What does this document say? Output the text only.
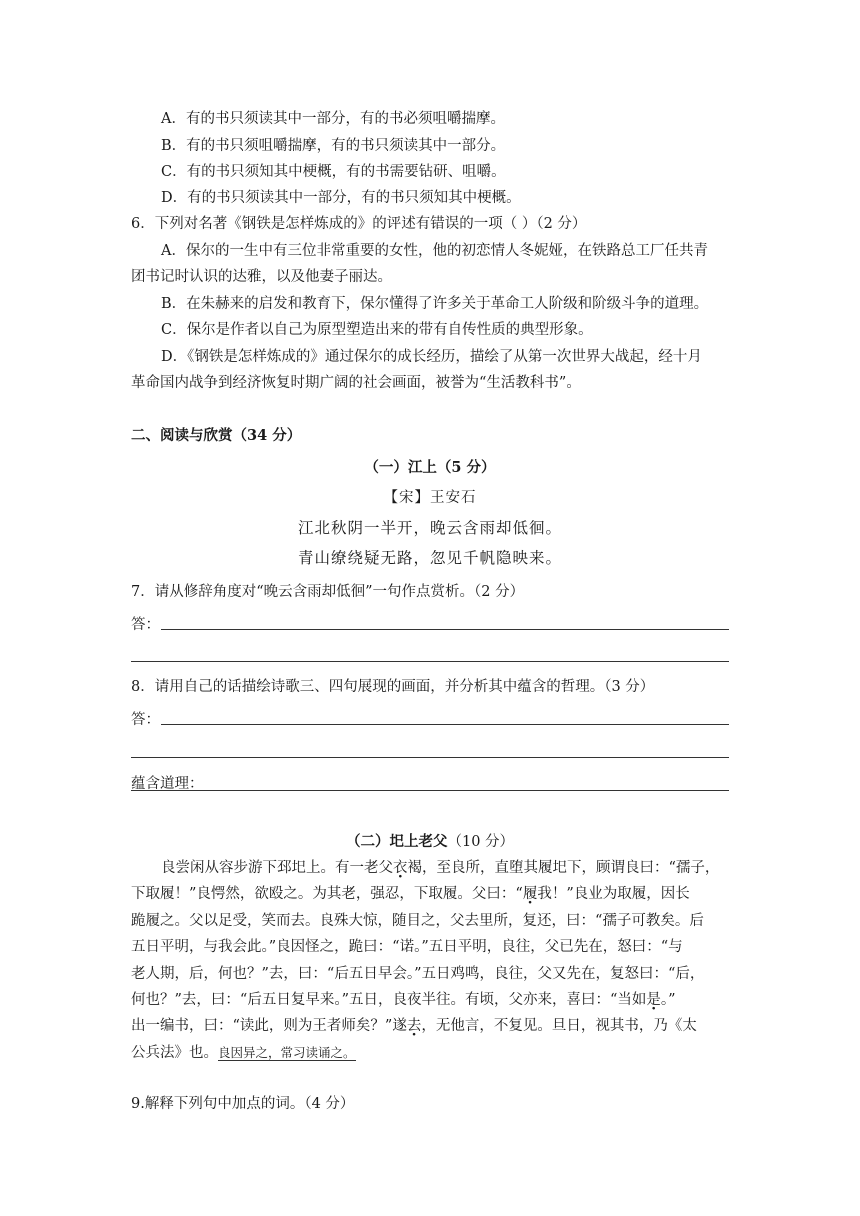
A．有的书只须读其中一部分，有的书必须咀嚼揣摩。
B．有的书只须咀嚼揣摩，有的书只须读其中一部分。
C．有的书只须知其中梗概，有的书需要钻研、咀嚼。
D．有的书只须读其中一部分，有的书只须知其中梗概。
6．下列对名著《钢铁是怎样炼成的》的评述有错误的一项（ ）（2 分）
A．保尔的一生中有三位非常重要的女性，他的初恋情人冬妮娅，在铁路总工厂任共青
团书记时认识的达雅，以及他妻子丽达。
B．在朱赫来的启发和教育下，保尔懂得了许多关于革命工人阶级和阶级斗争的道理。
C．保尔是作者以自己为原型塑造出来的带有自传性质的典型形象。
D．《钢铁是怎样炼成的》通过保尔的成长经历，描绘了从第一次世界大战起，经十月
革命国内战争到经济恢复时期广阔的社会画面，被誉为“生活教科书”。
二、阅读与欣赏（34 分）
（一）江上（5 分）
【宋】王安石
江北秋阴一半开，晚云含雨却低徊。
青山缭绕疑无路，忽见千帆隐映来。
7．请从修辞角度对“晚云含雨却低徊”一句作点赏析。（2 分）
答：
8．请用自己的话描绘诗歌三、四句展现的画面，并分析其中蕴含的哲理。（3 分）
答：
蕴含道理：
（二）圯上老父（10 分）
良尝闲从容步游下邳圯上。有一老父衣褐，至良所，直堕其履圯下，顾谓良曰：“孺子，
下取履！”良愕然，欲殴之。为其老，强忍，下取履。父曰：“履我！”良业为取履，因长
跪履之。父以足受，笑而去。良殊大惊，随目之，父去里所，复还，曰：“孺子可教矣。后
五日平明，与我会此。”良因怪之，跪曰：“诺。”五日平明，良往，父已先在，怒曰：“与
老人期，后，何也？”去，曰：“后五日早会。”五日鸡鸣，良往，父又先在，复怒曰：“后，
何也？”去，曰：“后五日复早来。”五日，良夜半往。有顷，父亦来，喜曰：“当如是。”
出一编书，曰：“读此，则为王者师矣？”遂去，无他言，不复见。旦日，视其书，乃《太
公兵法》也。良因异之，常习读诵之。
9.解释下列句中加点的词。（4 分）
